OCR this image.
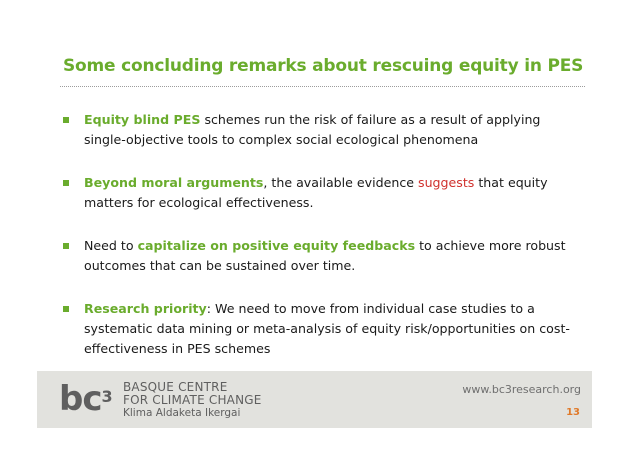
Some concluding remarks about rescuing equity in PES
Equity blind PES schemes run the risk of failure as a result of applying single-objective tools to complex social ecological phenomena
Beyond moral arguments, the available evidence suggests that equity matters for ecological effectiveness.
Need to capitalize on positive equity feedbacks to achieve more robust outcomes that can be sustained over time.
Research priority: We need to move from individual case studies to a systematic data mining or meta-analysis of equity risk/opportunities on cost-effectiveness in PES schemes
$bc^3$ BASQUE CENTRE
FOR CLIMATE CHANGE
Klima Aldaketa Ikergai
www.bc3research.org
13
